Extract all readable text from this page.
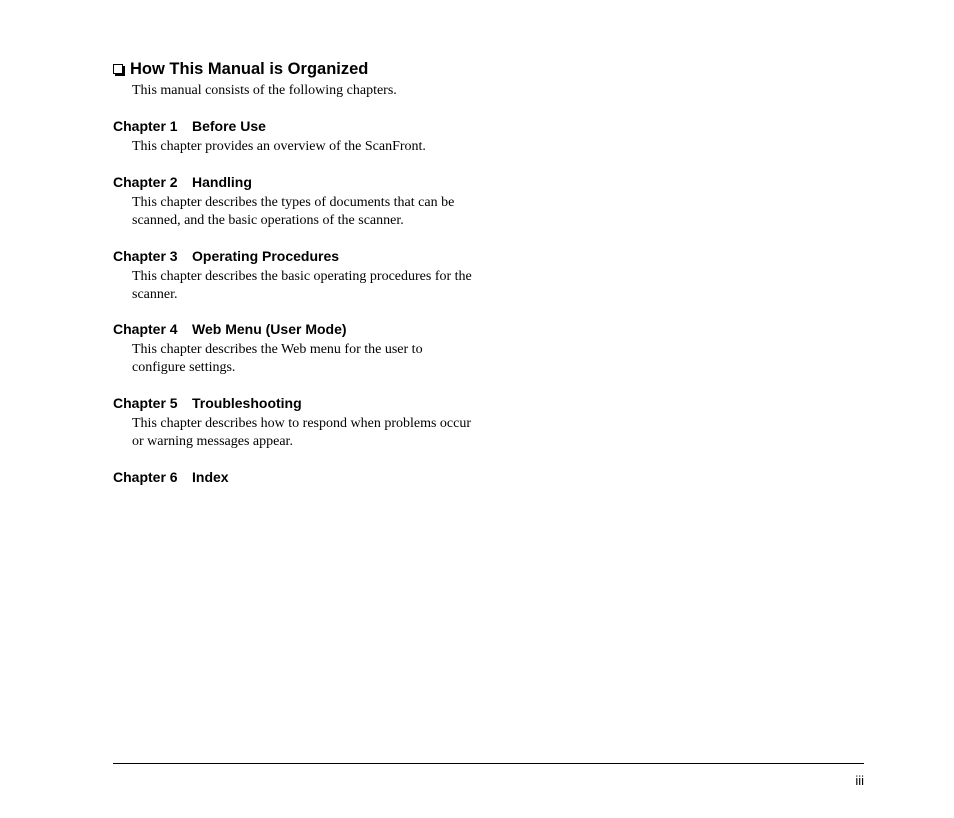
How This Manual is Organized

This manual consists of the following chapters.

Chapter 1 Before Use

This chapter provides an overview of the ScanFront.

Chapter 2 Handling

This chapter describes the types of documents that can be scanned, and the basic operations of the scanner.

Chapter 3 Operating Procedures

This chapter describes the basic operating procedures for the scanner.

Chapter 4 Web Menu (User Mode)

This chapter describes the Web menu for the user to configure settings.

Chapter 5 Troubleshooting

This chapter describes how to respond when problems occur or warning messages appear.

Chapter 6 Index
iii
